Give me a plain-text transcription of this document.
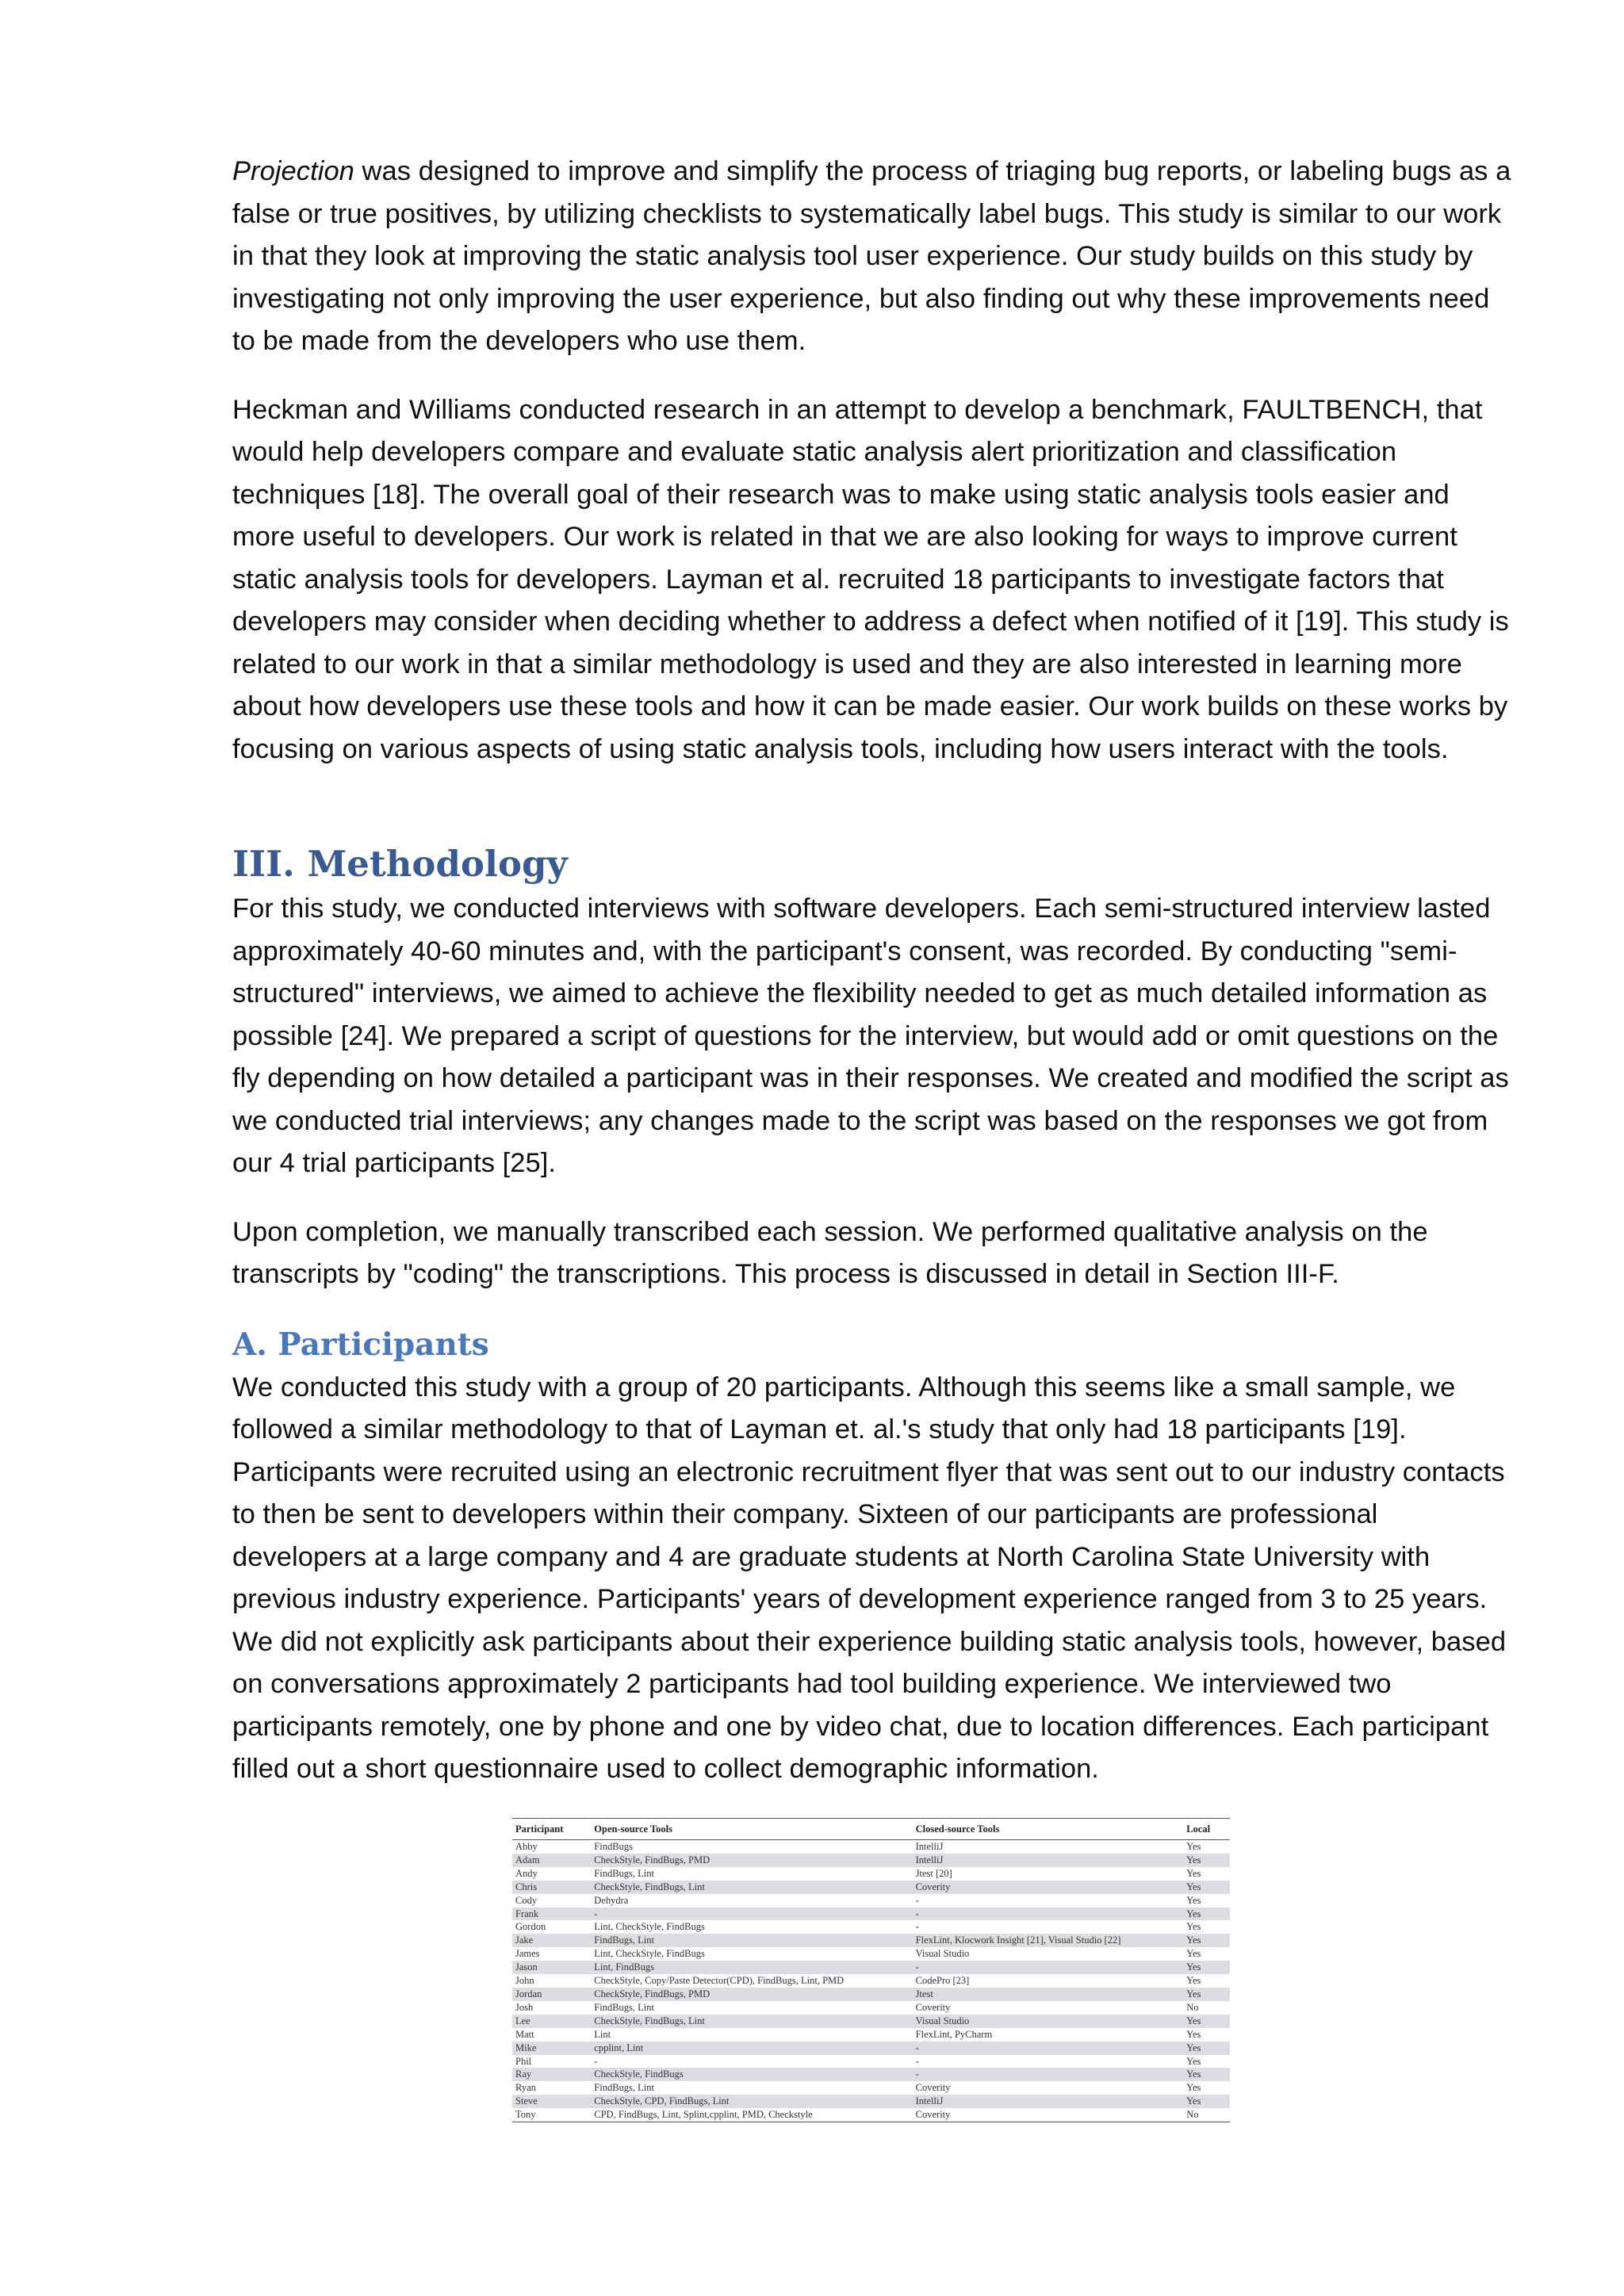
Projection was designed to improve and simplify the process of triaging bug reports, or labeling bugs as a false or true positives, by utilizing checklists to systematically label bugs. This study is similar to our work in that they look at improving the static analysis tool user experience. Our study builds on this study by investigating not only improving the user experience, but also finding out why these improvements need to be made from the developers who use them.

Heckman and Williams conducted research in an attempt to develop a benchmark, FAULTBENCH, that would help developers compare and evaluate static analysis alert prioritization and classification techniques [18]. The overall goal of their research was to make using static analysis tools easier and more useful to developers. Our work is related in that we are also looking for ways to improve current static analysis tools for developers. Layman et al. recruited 18 participants to investigate factors that developers may consider when deciding whether to address a defect when notified of it [19]. This study is related to our work in that a similar methodology is used and they are also interested in learning more about how developers use these tools and how it can be made easier. Our work builds on these works by focusing on various aspects of using static analysis tools, including how users interact with the tools.

III. Methodology

For this study, we conducted interviews with software developers. Each semi-structured interview lasted approximately 40-60 minutes and, with the participant's consent, was recorded. By conducting "semi-structured" interviews, we aimed to achieve the flexibility needed to get as much detailed information as possible [24]. We prepared a script of questions for the interview, but would add or omit questions on the fly depending on how detailed a participant was in their responses. We created and modified the script as we conducted trial interviews; any changes made to the script was based on the responses we got from our 4 trial participants [25].

Upon completion, we manually transcribed each session. We performed qualitative analysis on the transcripts by "coding" the transcriptions. This process is discussed in detail in Section III-F.

A. Participants

We conducted this study with a group of 20 participants. Although this seems like a small sample, we followed a similar methodology to that of Layman et. al.'s study that only had 18 participants [19]. Participants were recruited using an electronic recruitment flyer that was sent out to our industry contacts to then be sent to developers within their company. Sixteen of our participants are professional developers at a large company and 4 are graduate students at North Carolina State University with previous industry experience. Participants' years of development experience ranged from 3 to 25 years. We did not explicitly ask participants about their experience building static analysis tools, however, based on conversations approximately 2 participants had tool building experience. We interviewed two participants remotely, one by phone and one by video chat, due to location differences. Each participant filled out a short questionnaire used to collect demographic information.

Participant	Open-source Tools	Closed-source Tools	Local
Abby	FindBugs	IntelliJ	Yes
Adam	CheckStyle, FindBugs, PMD	IntelliJ	Yes
Andy	FindBugs, Lint	Jtest [20]	Yes
Chris	CheckStyle, FindBugs, Lint	Coverity	Yes
Cody	Dehydra	-	Yes
Frank	-	-	Yes
Gordon	Lint, CheckStyle, FindBugs	-	Yes
Jake	FindBugs, Lint	FlexLint, Klocwork Insight [21], Visual Studio [22]	Yes
James	Lint, CheckStyle, FindBugs	Visual Studio	Yes
Jason	Lint, FindBugs	-	Yes
John	CheckStyle, Copy/Paste Detector(CPD), FindBugs, Lint, PMD	CodePro [23]	Yes
Jordan	CheckStyle, FindBugs, PMD	Jtest	Yes
Josh	FindBugs, Lint	Coverity	No
Lee	CheckStyle, FindBugs, Lint	Visual Studio	Yes
Matt	Lint	FlexLint, PyCharm	Yes
Mike	cpplint, Lint	-	Yes
Phil	-	-	Yes
Ray	CheckStyle, FindBugs	-	Yes
Ryan	FindBugs, Lint	Coverity	Yes
Steve	CheckStyle, CPD, FindBugs, Lint	IntelliJ	Yes
Tony	CPD, FindBugs, Lint, Splint,cpplint, PMD, Checkstyle	Coverity	No
